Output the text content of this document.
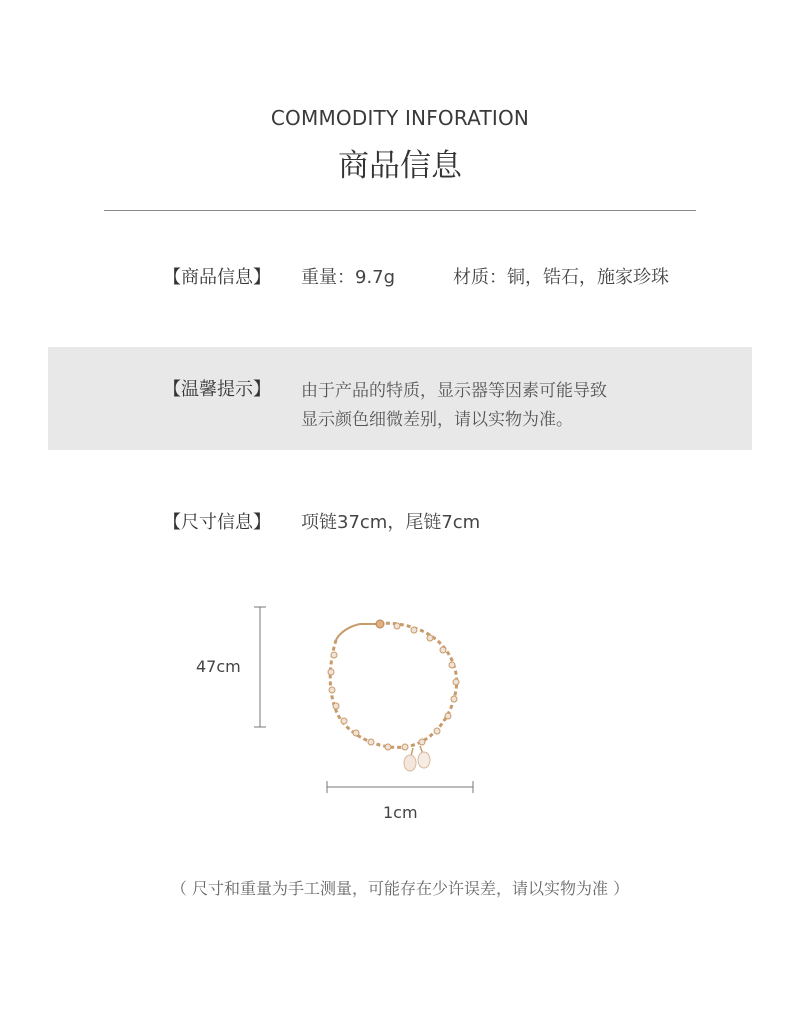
COMMODITY INFORATION
商品信息
【商品信息】 重量：9.7g	材质：铜，锆石，施家珍珠
【温馨提示】 由于产品的特质，显示器等因素可能导致
显示颜色细微差别，请以实物为准。
【尺寸信息】 项链37cm，尾链7cm
47cm
1cm
（ 尺寸和重量为手工测量，可能存在少许误差，请以实物为准 ）
